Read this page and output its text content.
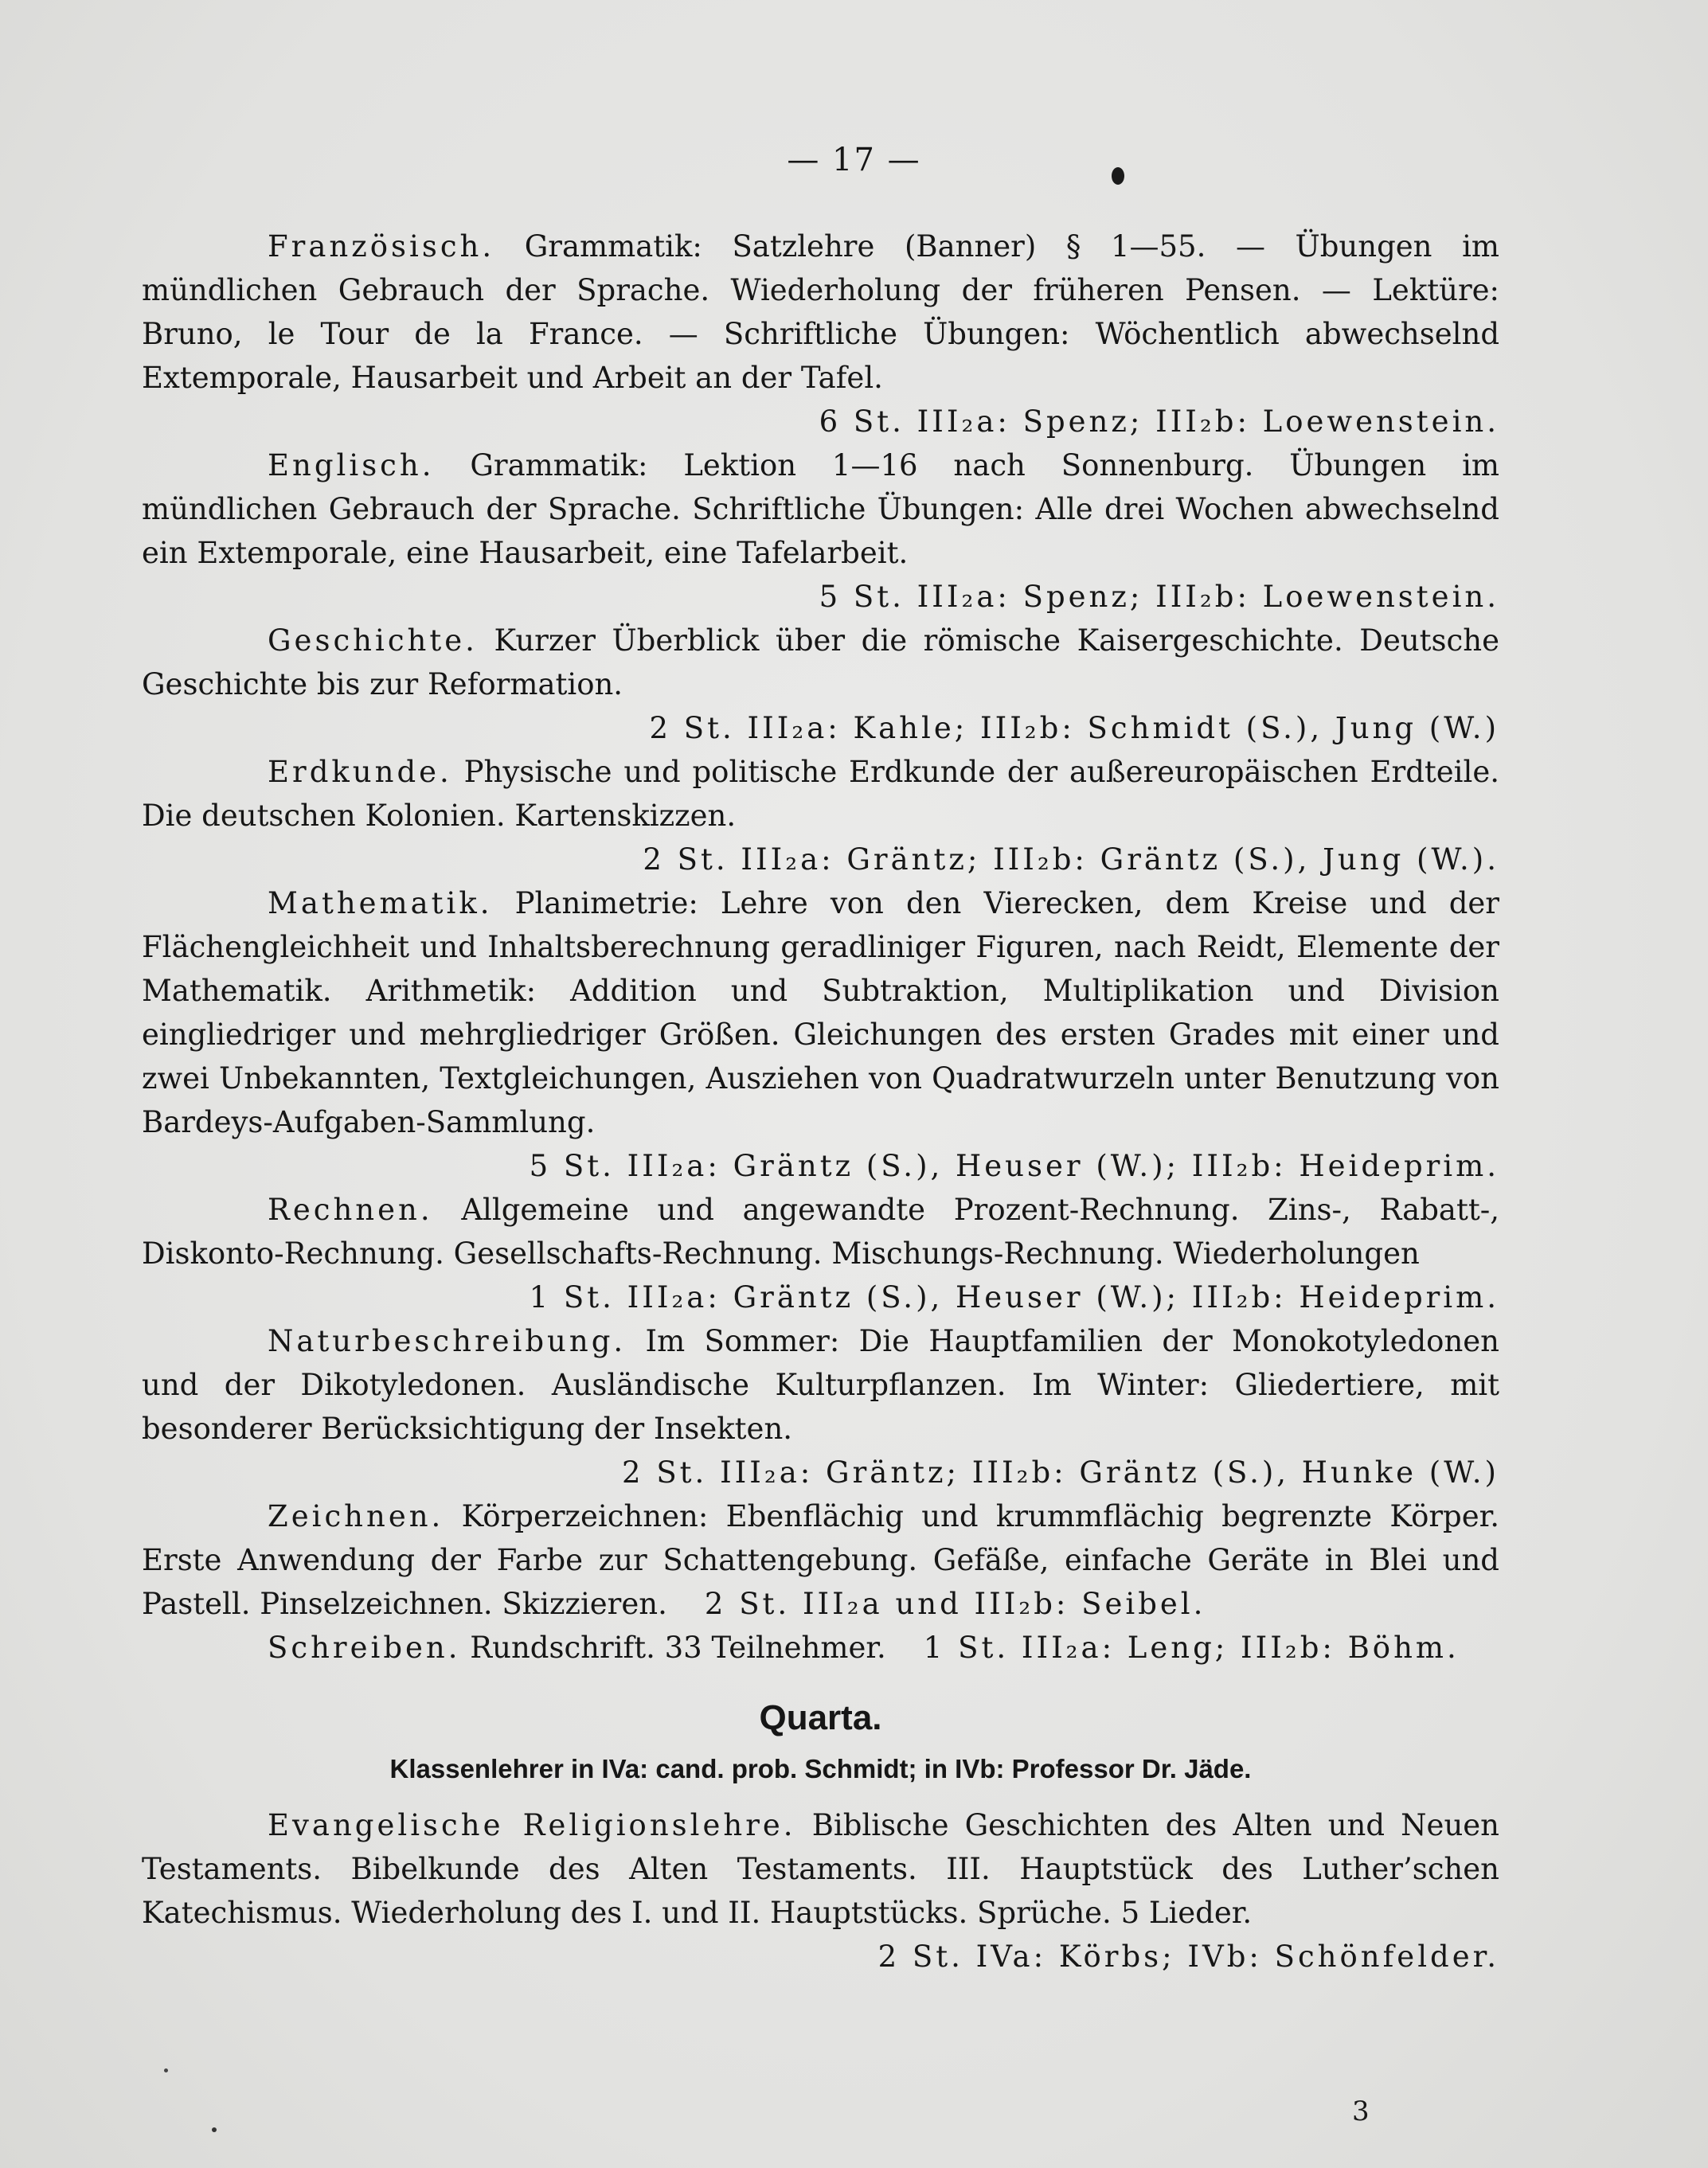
— 17 —

Französisch. Grammatik: Satzlehre (Banner) § 1—55. — Übungen im mündlichen Gebrauch der Sprache. Wiederholung der früheren Pensen. — Lektüre: Bruno, le Tour de la France. — Schriftliche Übungen: Wöchentlich abwechselnd Extemporale, Hausarbeit und Arbeit an der Tafel.

6 St. III₂a: Spenz; III₂b: Loewenstein.

Englisch. Grammatik: Lektion 1—16 nach Sonnenburg. Übungen im mündlichen Gebrauch der Sprache. Schriftliche Übungen: Alle drei Wochen abwechselnd ein Extemporale, eine Hausarbeit, eine Tafelarbeit.

5 St. III₂a: Spenz; III₂b: Loewenstein.

Geschichte. Kurzer Überblick über die römische Kaisergeschichte. Deutsche Geschichte bis zur Reformation.

2 St. III₂a: Kahle; III₂b: Schmidt (S.), Jung (W.)

Erdkunde. Physische und politische Erdkunde der außereuropäischen Erdteile. Die deutschen Kolonien. Kartenskizzen.

2 St. III₂a: Gräntz; III₂b: Gräntz (S.), Jung (W.).

Mathematik. Planimetrie: Lehre von den Vierecken, dem Kreise und der Flächengleichheit und Inhaltsberechnung geradliniger Figuren, nach Reidt, Elemente der Mathematik. Arithmetik: Addition und Subtraktion, Multiplikation und Division eingliedriger und mehrgliedriger Größen. Gleichungen des ersten Grades mit einer und zwei Unbekannten, Textgleichungen, Ausziehen von Quadratwurzeln unter Benutzung von Bardeys-Aufgaben-Sammlung.

5 St. III₂a: Gräntz (S.), Heuser (W.); III₂b: Heideprim.

Rechnen. Allgemeine und angewandte Prozent-Rechnung. Zins-, Rabatt-, Diskonto-Rechnung. Gesellschafts-Rechnung. Mischungs-Rechnung. Wiederholungen

1 St. III₂a: Gräntz (S.), Heuser (W.); III₂b: Heideprim.

Naturbeschreibung. Im Sommer: Die Hauptfamilien der Monokotyledonen und der Dikotyledonen. Ausländische Kulturpflanzen. Im Winter: Gliedertiere, mit besonderer Berücksichtigung der Insekten.

2 St. III₂a: Gräntz; III₂b: Gräntz (S.), Hunke (W.)

Zeichnen. Körperzeichnen: Ebenflächig und krummflächig begrenzte Körper. Erste Anwendung der Farbe zur Schattengebung. Gefäße, einfache Geräte in Blei und Pastell. Pinselzeichnen. Skizzieren. 2 St. III₂a und III₂b: Seibel.

Schreiben. Rundschrift. 33 Teilnehmer. 1 St. III₂a: Leng; III₂b: Böhm.

Quarta.
Klassenlehrer in IVa: cand. prob. Schmidt; in IVb: Professor Dr. Jäde.

Evangelische Religionslehre. Biblische Geschichten des Alten und Neuen Testaments. Bibelkunde des Alten Testaments. III. Hauptstück des Luther’schen Katechismus. Wiederholung des I. und II. Hauptstücks. Sprüche. 5 Lieder.

2 St. IVa: Körbs; IVb: Schönfelder.

3
